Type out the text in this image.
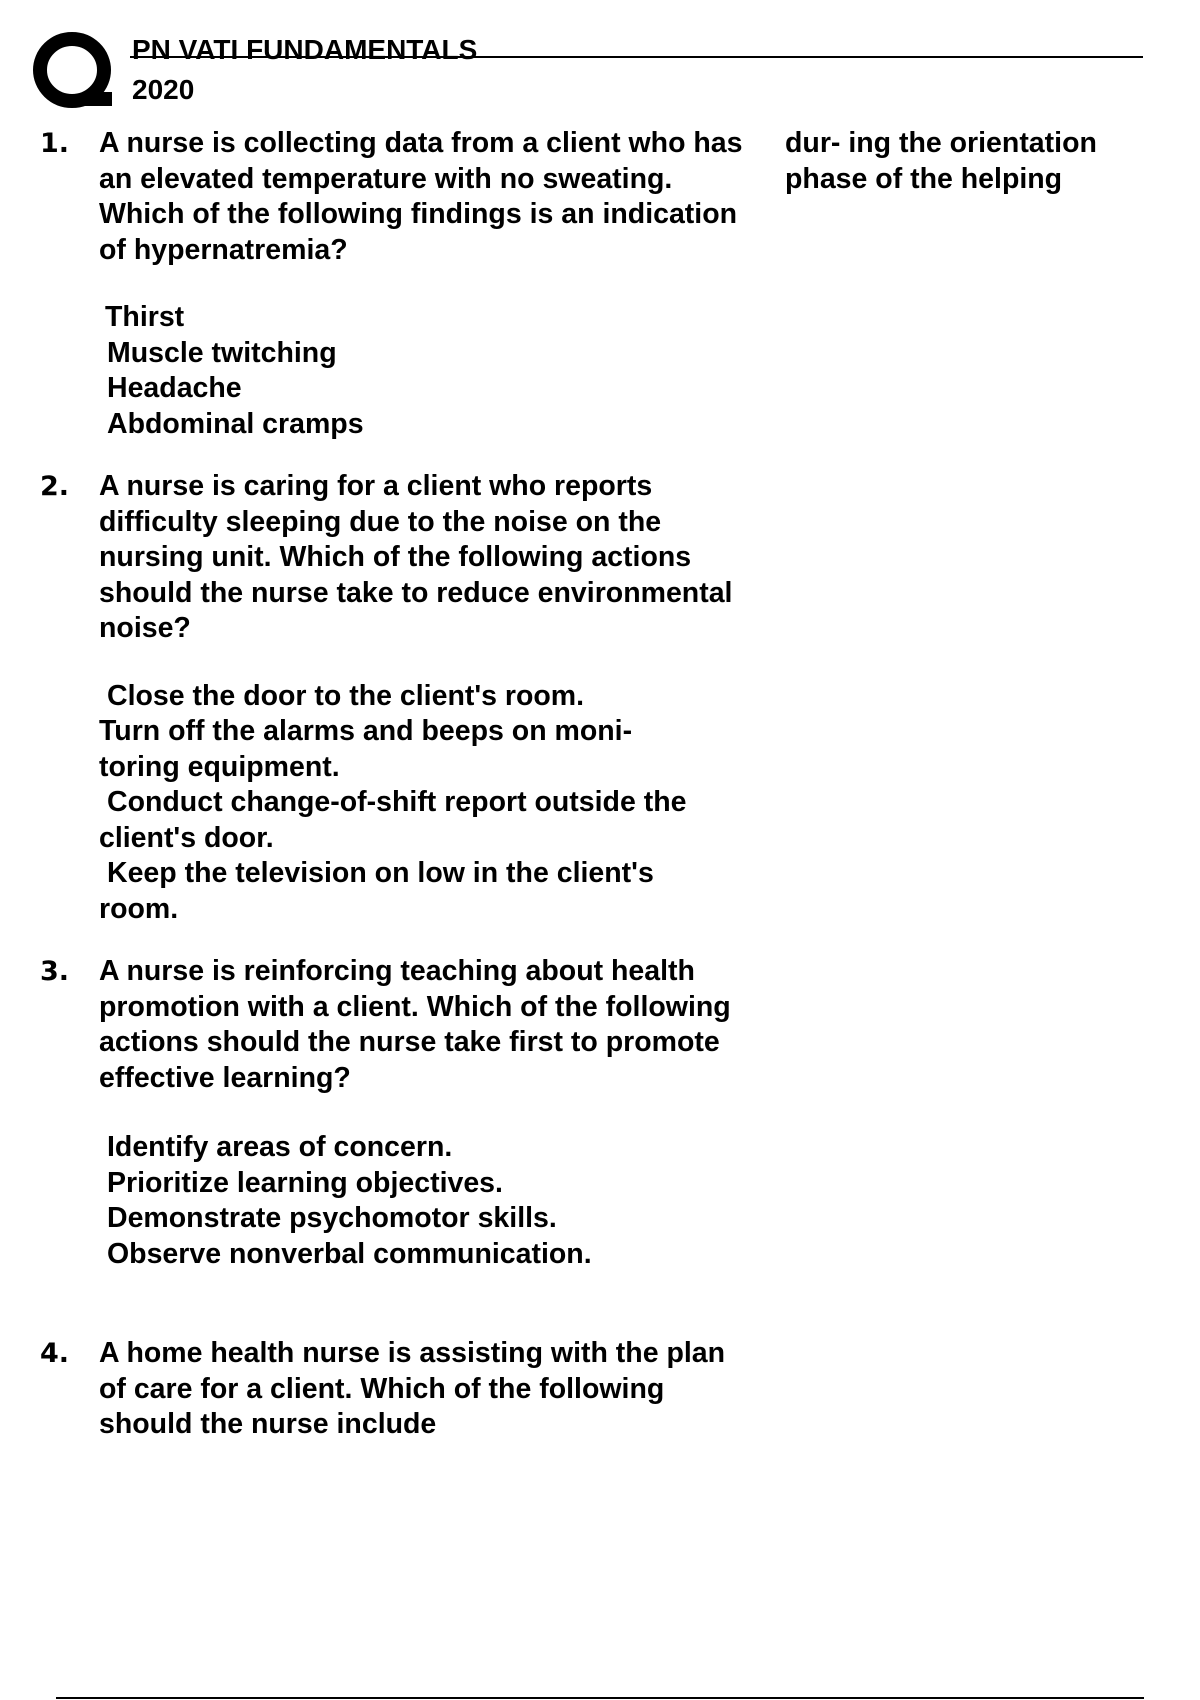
PN VATI FUNDAMENTALS
2020
1. A nurse is collecting data from a client who has an elevated temperature with no sweating. Which of the following findings is an indication of hypernatremia?
Thirst
Muscle twitching
Headache
Abdominal cramps
2. A nurse is caring for a client who reports difficulty sleeping due to the noise on the nursing unit. Which of the following actions should the nurse take to reduce environmental noise?
Close the door to the client's room.
Turn off the alarms and beeps on moni- toring equipment.
Conduct change-of-shift report outside the client's door.
Keep the television on low in the client's room.
3. A nurse is reinforcing teaching about health promotion with a client. Which of the following actions should the nurse take first to promote effective learning?
Identify areas of concern.
Prioritize learning objectives.
Demonstrate psychomotor skills.
Observe nonverbal communication.
4. A home health nurse is assisting with the plan of care for a client. Which of the following should the nurse include
dur- ing the orientation phase of the helping
